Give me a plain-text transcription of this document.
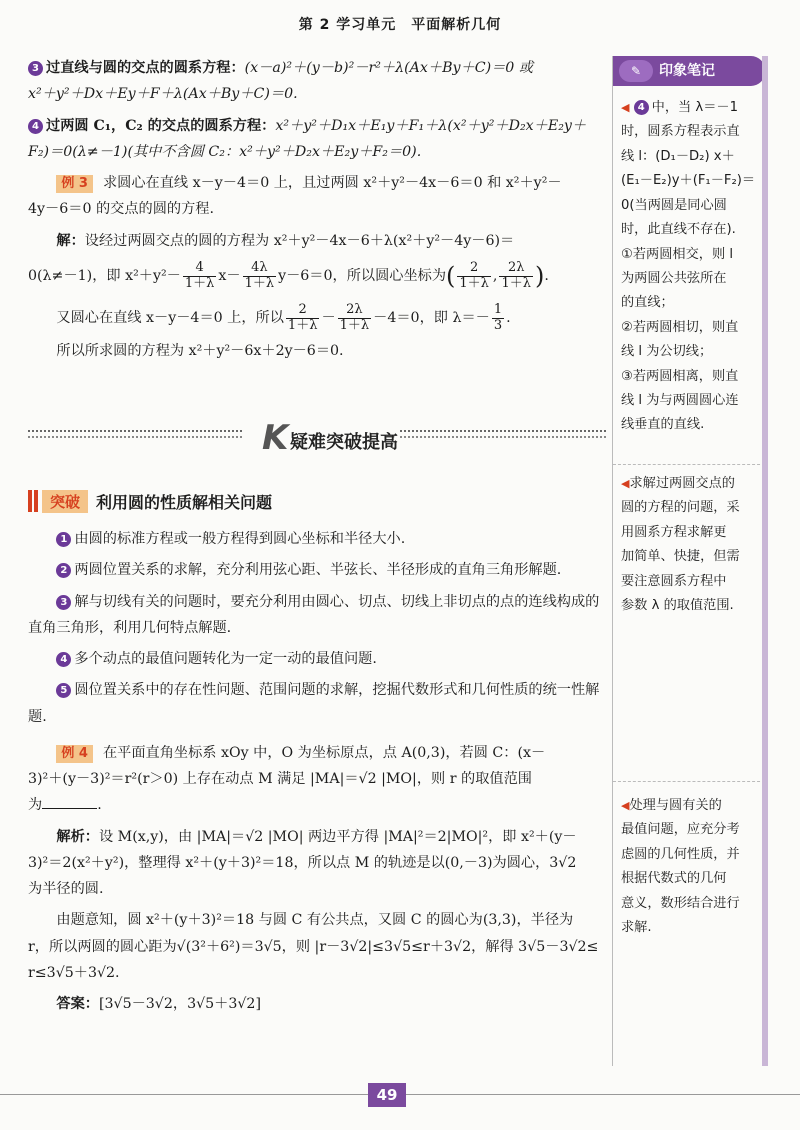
第 2 学习单元　平面解析几何

3 过直线与圆的交点的圆系方程：(x－a)²＋(y－b)²－r²＋λ(Ax＋By＋C)＝0 或
x²＋y²＋Dx＋Ey＋F＋λ(Ax＋By＋C)＝0.

4 过两圆 C₁，C₂ 的交点的圆系方程：x²＋y²＋D₁x＋E₁y＋F₁＋λ(x²＋y²＋D₂x＋E₂y＋
F₂)＝0(λ≠－1)(其中不含圆 C₂：x²＋y²＋D₂x＋E₂y＋F₂＝0).

例 3 求圆心在直线 x－y－4＝0 上，且过两圆 x²＋y²－4x－6＝0 和 x²＋y²－
4y－6＝0 的交点的圆的方程.

解：设经过两圆交点的圆的方程为 x²＋y²－4x－6＋λ(x²＋y²－4y－6)＝
0(λ≠－1)，即 $x^2+y^2- \frac{4}{1+\lambda} x- \frac{4\lambda}{1+\lambda} y-6=0$，所以圆心坐标为( $\frac{2}{1+\lambda}$ , $\frac{2\lambda}{1+\lambda}$ ).

又圆心在直线 x－y－4＝0 上，所以 $\frac{2}{1+\lambda} - \frac{2\lambda}{1+\lambda} -4=0$，即 $\lambda=- \frac{1}{3}$ .

所以所求圆的方程为 x²＋y²－6x＋2y－6＝0.

K 疑难突破提高
突破	利用圆的性质解相关问题

1 由圆的标准方程或一般方程得到圆心坐标和半径大小.

2 两圆位置关系的求解，充分利用弦心距、半弦长、半径形成的直角三角形解题.

3 解与切线有关的问题时，要充分利用由圆心、切点、切线上非切点的点的连线构成的直角三角形，利用几何特点解题.

4 多个动点的最值问题转化为一定一动的最值问题.

5 圆位置关系中的存在性问题、范围问题的求解，挖掘代数形式和几何性质的统一性解题.

例 4 在平面直角坐标系 xOy 中，O 为坐标原点，点 A(0,3)，若圆 C：(x－
3)²＋(y－3)²＝r²(r＞0) 上存在动点 M 满足 |MA|＝√2 |MO|，则 r 的取值范围
为	.

解析：设 M(x,y)，由 |MA|＝√2 |MO| 两边平方得 |MA|²＝2|MO|²，即 x²＋(y－
3)²＝2(x²＋y²)，整理得 x²＋(y＋3)²＝18，所以点 M 的轨迹是以(0,－3)为圆心，3√2
为半径的圆.

由题意知，圆 x²＋(y＋3)²＝18 与圆 C 有公共点，又圆 C 的圆心为(3,3)，半径为
r，所以两圆的圆心距为√(3²＋6²)＝3√5，则 |r－3√2|≤3√5≤r＋3√2，解得 3√5－3√2≤
r≤3√5＋3√2.

答案：[3√5－3√2，3√5＋3√2]

✎ 印象笔记

◀ 4 中，当 λ＝－1

时，圆系方程表示直

线 l：(D₁－D₂) x＋

(E₁－E₂)y＋(F₁－F₂)＝

0(当两圆是同心圆

时，此直线不存在).

①若两圆相交，则 l

为两圆公共弦所在

的直线；

②若两圆相切，则直

线 l 为公切线；

③若两圆相离，则直

线 l 为与两圆圆心连

线垂直的直线.

◀求解过两圆交点的

圆的方程的问题，采

用圆系方程求解更

加简单、快捷，但需

要注意圆系方程中

参数 λ 的取值范围.

◀处理与圆有关的

最值问题，应充分考

虑圆的几何性质，并

根据代数式的几何

意义，数形结合进行

求解.

49
